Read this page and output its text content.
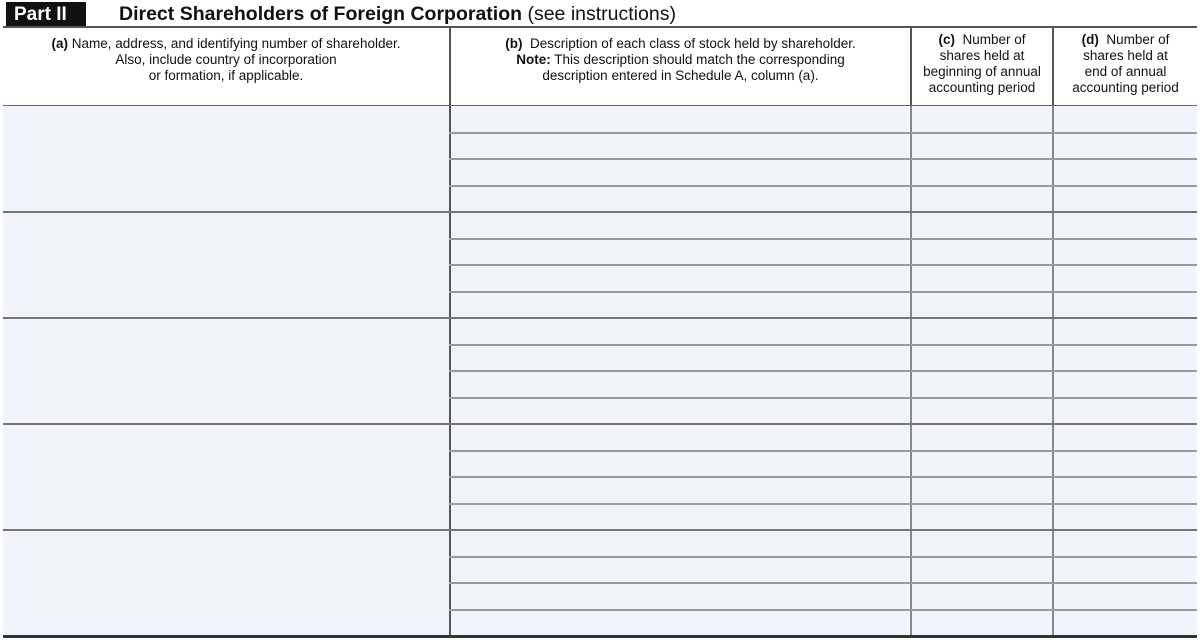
Part II	Direct Shareholders of Foreign Corporation (see instructions)
(a) Name, address, and identifying number of shareholder.
Also, include country of incorporation
or formation, if applicable.
(b) Description of each class of stock held by shareholder.
Note: This description should match the corresponding
description entered in Schedule A, column (a).
(c) Number of
shares held at
beginning of annual
accounting period
(d) Number of
shares held at
end of annual
accounting period
